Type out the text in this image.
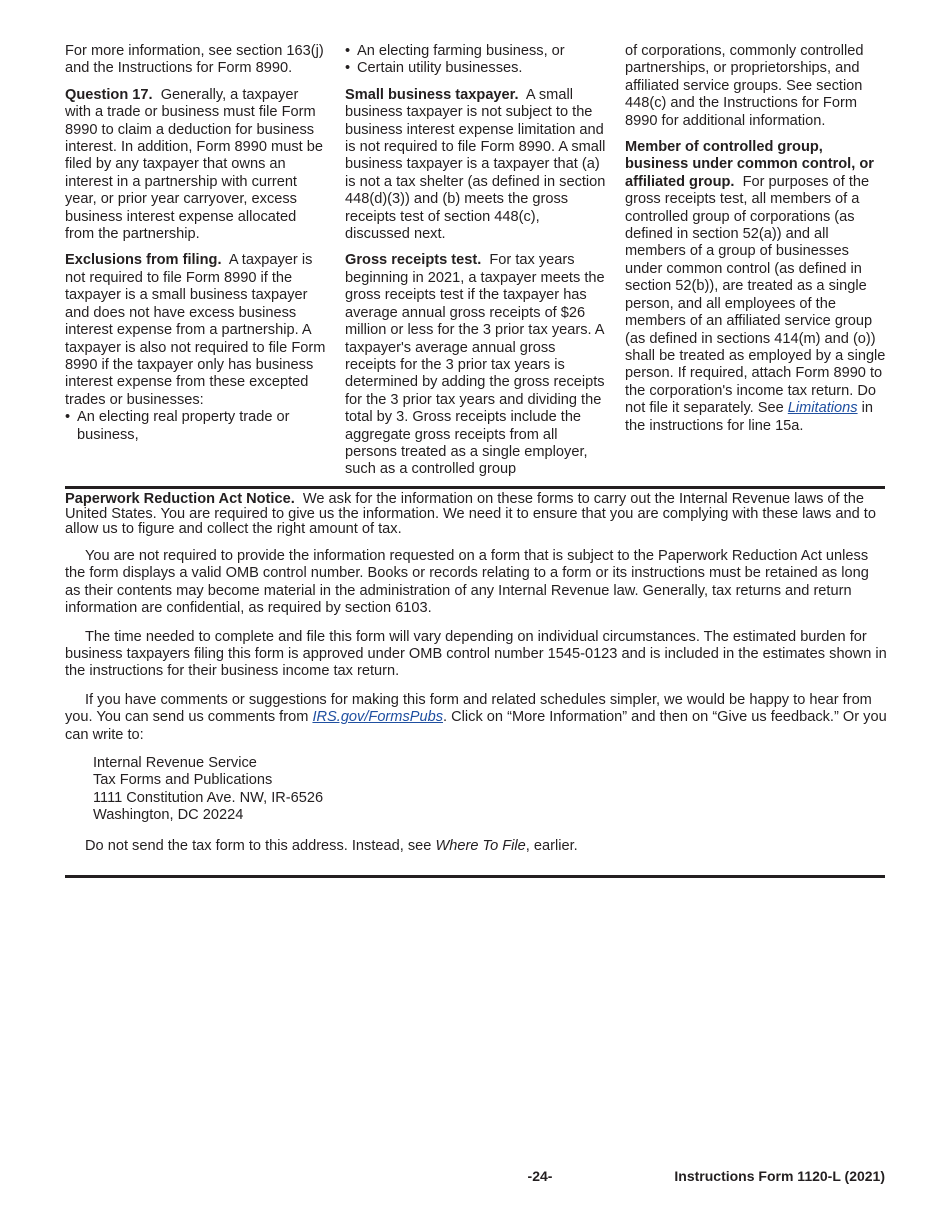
For more information, see section 163(j) and the Instructions for Form 8990.

Question 17. Generally, a taxpayer with a trade or business must file Form 8990 to claim a deduction for business interest. In addition, Form 8990 must be filed by any taxpayer that owns an interest in a partnership with current year, or prior year carryover, excess business interest expense allocated from the partnership.

Exclusions from filing. A taxpayer is not required to file Form 8990 if the taxpayer is a small business taxpayer and does not have excess business interest expense from a partnership. A taxpayer is also not required to file Form 8990 if the taxpayer only has business interest expense from these excepted trades or businesses:

• An electing real property trade or business,
• An electing farming business, or
• Certain utility businesses.

Small business taxpayer. A small business taxpayer is not subject to the business interest expense limitation and is not required to file Form 8990. A small business taxpayer is a taxpayer that (a) is not a tax shelter (as defined in section 448(d)(3)) and (b) meets the gross receipts test of section 448(c), discussed next.

Gross receipts test. For tax years beginning in 2021, a taxpayer meets the gross receipts test if the taxpayer has average annual gross receipts of $26 million or less for the 3 prior tax years. A taxpayer's average annual gross receipts for the 3 prior tax years is determined by adding the gross receipts for the 3 prior tax years and dividing the total by 3. Gross receipts include the aggregate gross receipts from all persons treated as a single employer, such as a controlled group

of corporations, commonly controlled partnerships, or proprietorships, and affiliated service groups. See section 448(c) and the Instructions for Form 8990 for additional information.

Member of controlled group, business under common control, or affiliated group. For purposes of the gross receipts test, all members of a controlled group of corporations (as defined in section 52(a)) and all members of a group of businesses under common control (as defined in section 52(b)), are treated as a single person, and all employees of the members of an affiliated service group (as defined in sections 414(m) and (o)) shall be treated as employed by a single person. If required, attach Form 8990 to the corporation's income tax return. Do not file it separately. See Limitations in the instructions for line 15a.

Paperwork Reduction Act Notice. We ask for the information on these forms to carry out the Internal Revenue laws of the United States. You are required to give us the information. We need it to ensure that you are complying with these laws and to allow us to figure and collect the right amount of tax.

You are not required to provide the information requested on a form that is subject to the Paperwork Reduction Act unless the form displays a valid OMB control number. Books or records relating to a form or its instructions must be retained as long as their contents may become material in the administration of any Internal Revenue law. Generally, tax returns and return information are confidential, as required by section 6103.

The time needed to complete and file this form will vary depending on individual circumstances. The estimated burden for business taxpayers filing this form is approved under OMB control number 1545-0123 and is included in the estimates shown in the instructions for their business income tax return.

If you have comments or suggestions for making this form and related schedules simpler, we would be happy to hear from you. You can send us comments from IRS.gov/FormsPubs. Click on “More Information” and then on “Give us feedback.” Or you can write to:

Internal Revenue Service
Tax Forms and Publications
1111 Constitution Ave. NW, IR-6526
Washington, DC 20224

Do not send the tax form to this address. Instead, see Where To File, earlier.

-24-	Instructions Form 1120-L (2021)
